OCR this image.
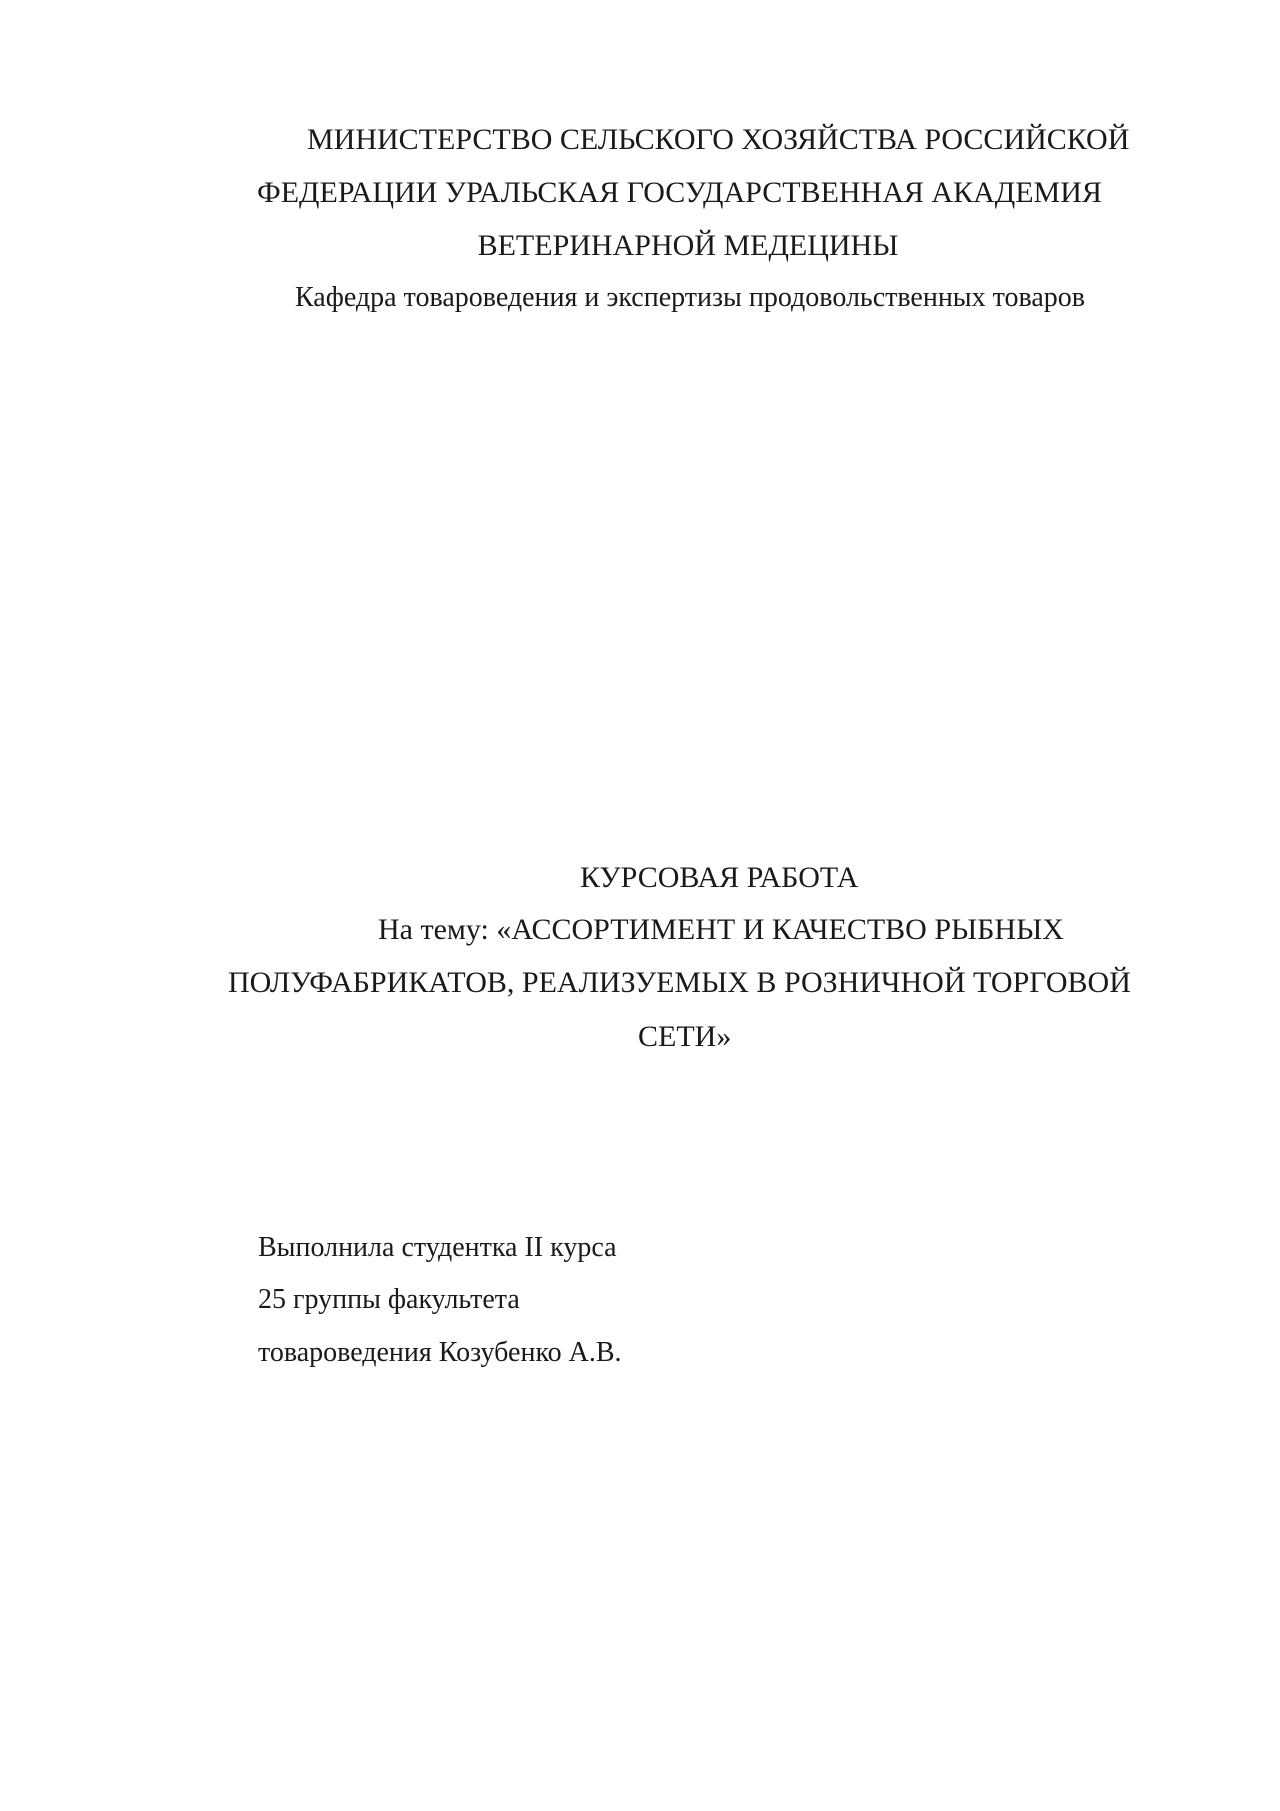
МИНИСТЕРСТВО СЕЛЬСКОГО ХОЗЯЙСТВА РОССИЙСКОЙ
ФЕДЕРАЦИИ УРАЛЬСКАЯ ГОСУДАРСТВЕННАЯ АКАДЕМИЯ
ВЕТЕРИНАРНОЙ МЕДЕЦИНЫ
Кафедра товароведения и экспертизы продовольственных товаров
КУРСОВАЯ РАБОТА
На тему: «АССОРТИМЕНТ И КАЧЕСТВО РЫБНЫХ
ПОЛУФАБРИКАТОВ, РЕАЛИЗУЕМЫХ В РОЗНИЧНОЙ ТОРГОВОЙ
СЕТИ»
Выполнила студентка II курса
25 группы факультета
товароведения Козубенко А.В.
